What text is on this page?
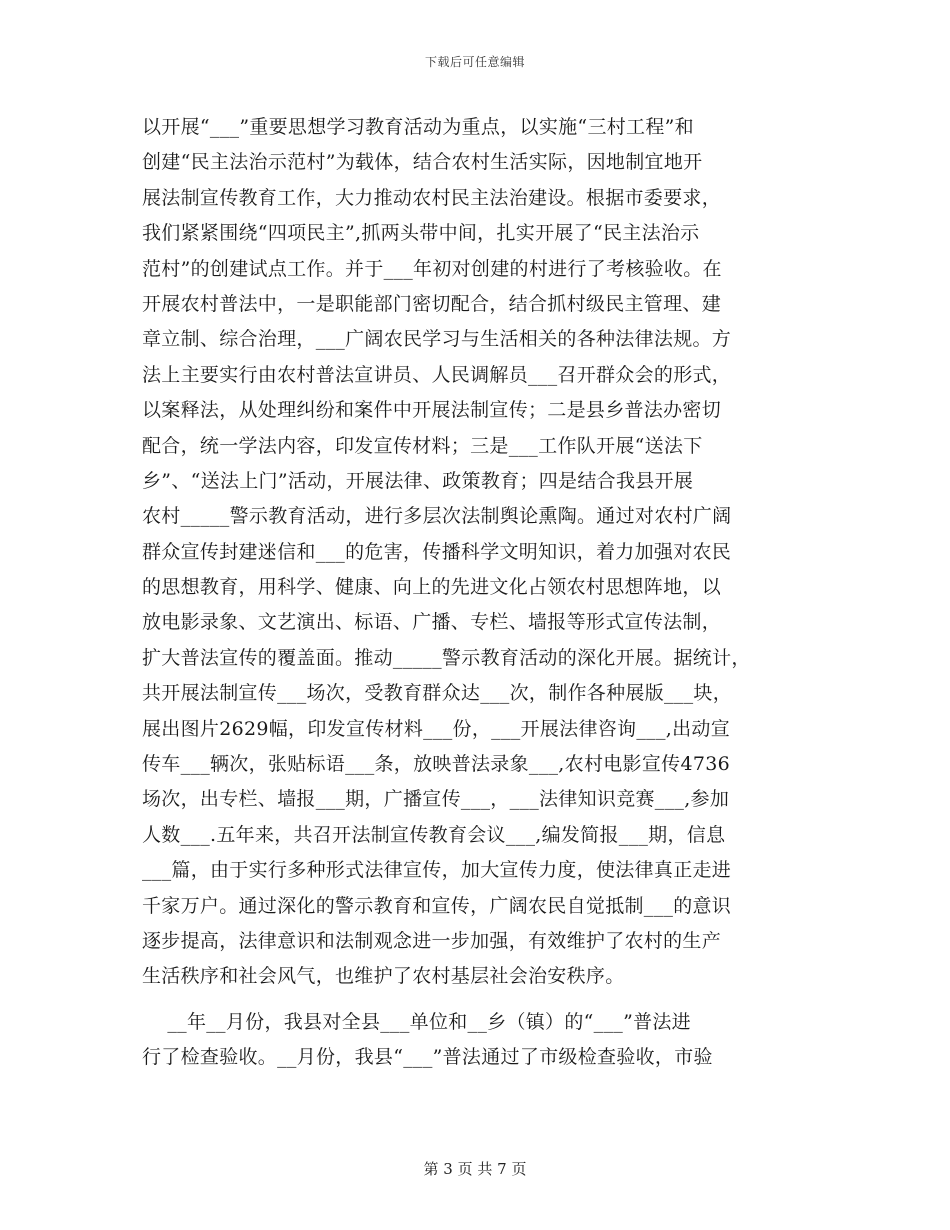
下载后可任意编辑
以开展“___”重要思想学习教育活动为重点，以实施“三村工程”和
创建“民主法治示范村”为载体，结合农村生活实际，因地制宜地开
展法制宣传教育工作，大力推动农村民主法治建设。根据市委要求，
我们紧紧围绕“四项民主”,抓两头带中间，扎实开展了“民主法治示
范村”的创建试点工作。并于___年初对创建的村进行了考核验收。在
开展农村普法中，一是职能部门密切配合，结合抓村级民主管理、建
章立制、综合治理，___广阔农民学习与生活相关的各种法律法规。方
法上主要实行由农村普法宣讲员、人民调解员___召开群众会的形式，
以案释法，从处理纠纷和案件中开展法制宣传；二是县乡普法办密切
配合，统一学法内容，印发宣传材料；三是___工作队开展“送法下
乡”、“送法上门”活动，开展法律、政策教育；四是结合我县开展
农村_____警示教育活动，进行多层次法制舆论熏陶。通过对农村广阔
群众宣传封建迷信和___的危害，传播科学文明知识，着力加强对农民
的思想教育，用科学、健康、向上的先进文化占领农村思想阵地，以
放电影录象、文艺演出、标语、广播、专栏、墙报等形式宣传法制，
扩大普法宣传的覆盖面。推动_____警示教育活动的深化开展。据统计，
共开展法制宣传___场次，受教育群众达___次，制作各种展版___块，
展出图片2629幅，印发宣传材料___份，___开展法律咨询___,出动宣
传车___辆次，张贴标语___条，放映普法录象___,农村电影宣传4736
场次，出专栏、墙报___期，广播宣传___，___法律知识竞赛___,参加
人数___.五年来，共召开法制宣传教育会议___,编发简报___期，信息
___篇，由于实行多种形式法律宣传，加大宣传力度，使法律真正走进
千家万户。通过深化的警示教育和宣传，广阔农民自觉抵制___的意识
逐步提高，法律意识和法制观念进一步加强，有效维护了农村的生产
生活秩序和社会风气，也维护了农村基层社会治安秩序。
__年__月份，我县对全县___单位和__乡（镇）的“___”普法进
行了检查验收。__月份，我县“___”普法通过了市级检查验收，市验
第 3 页 共 7 页
